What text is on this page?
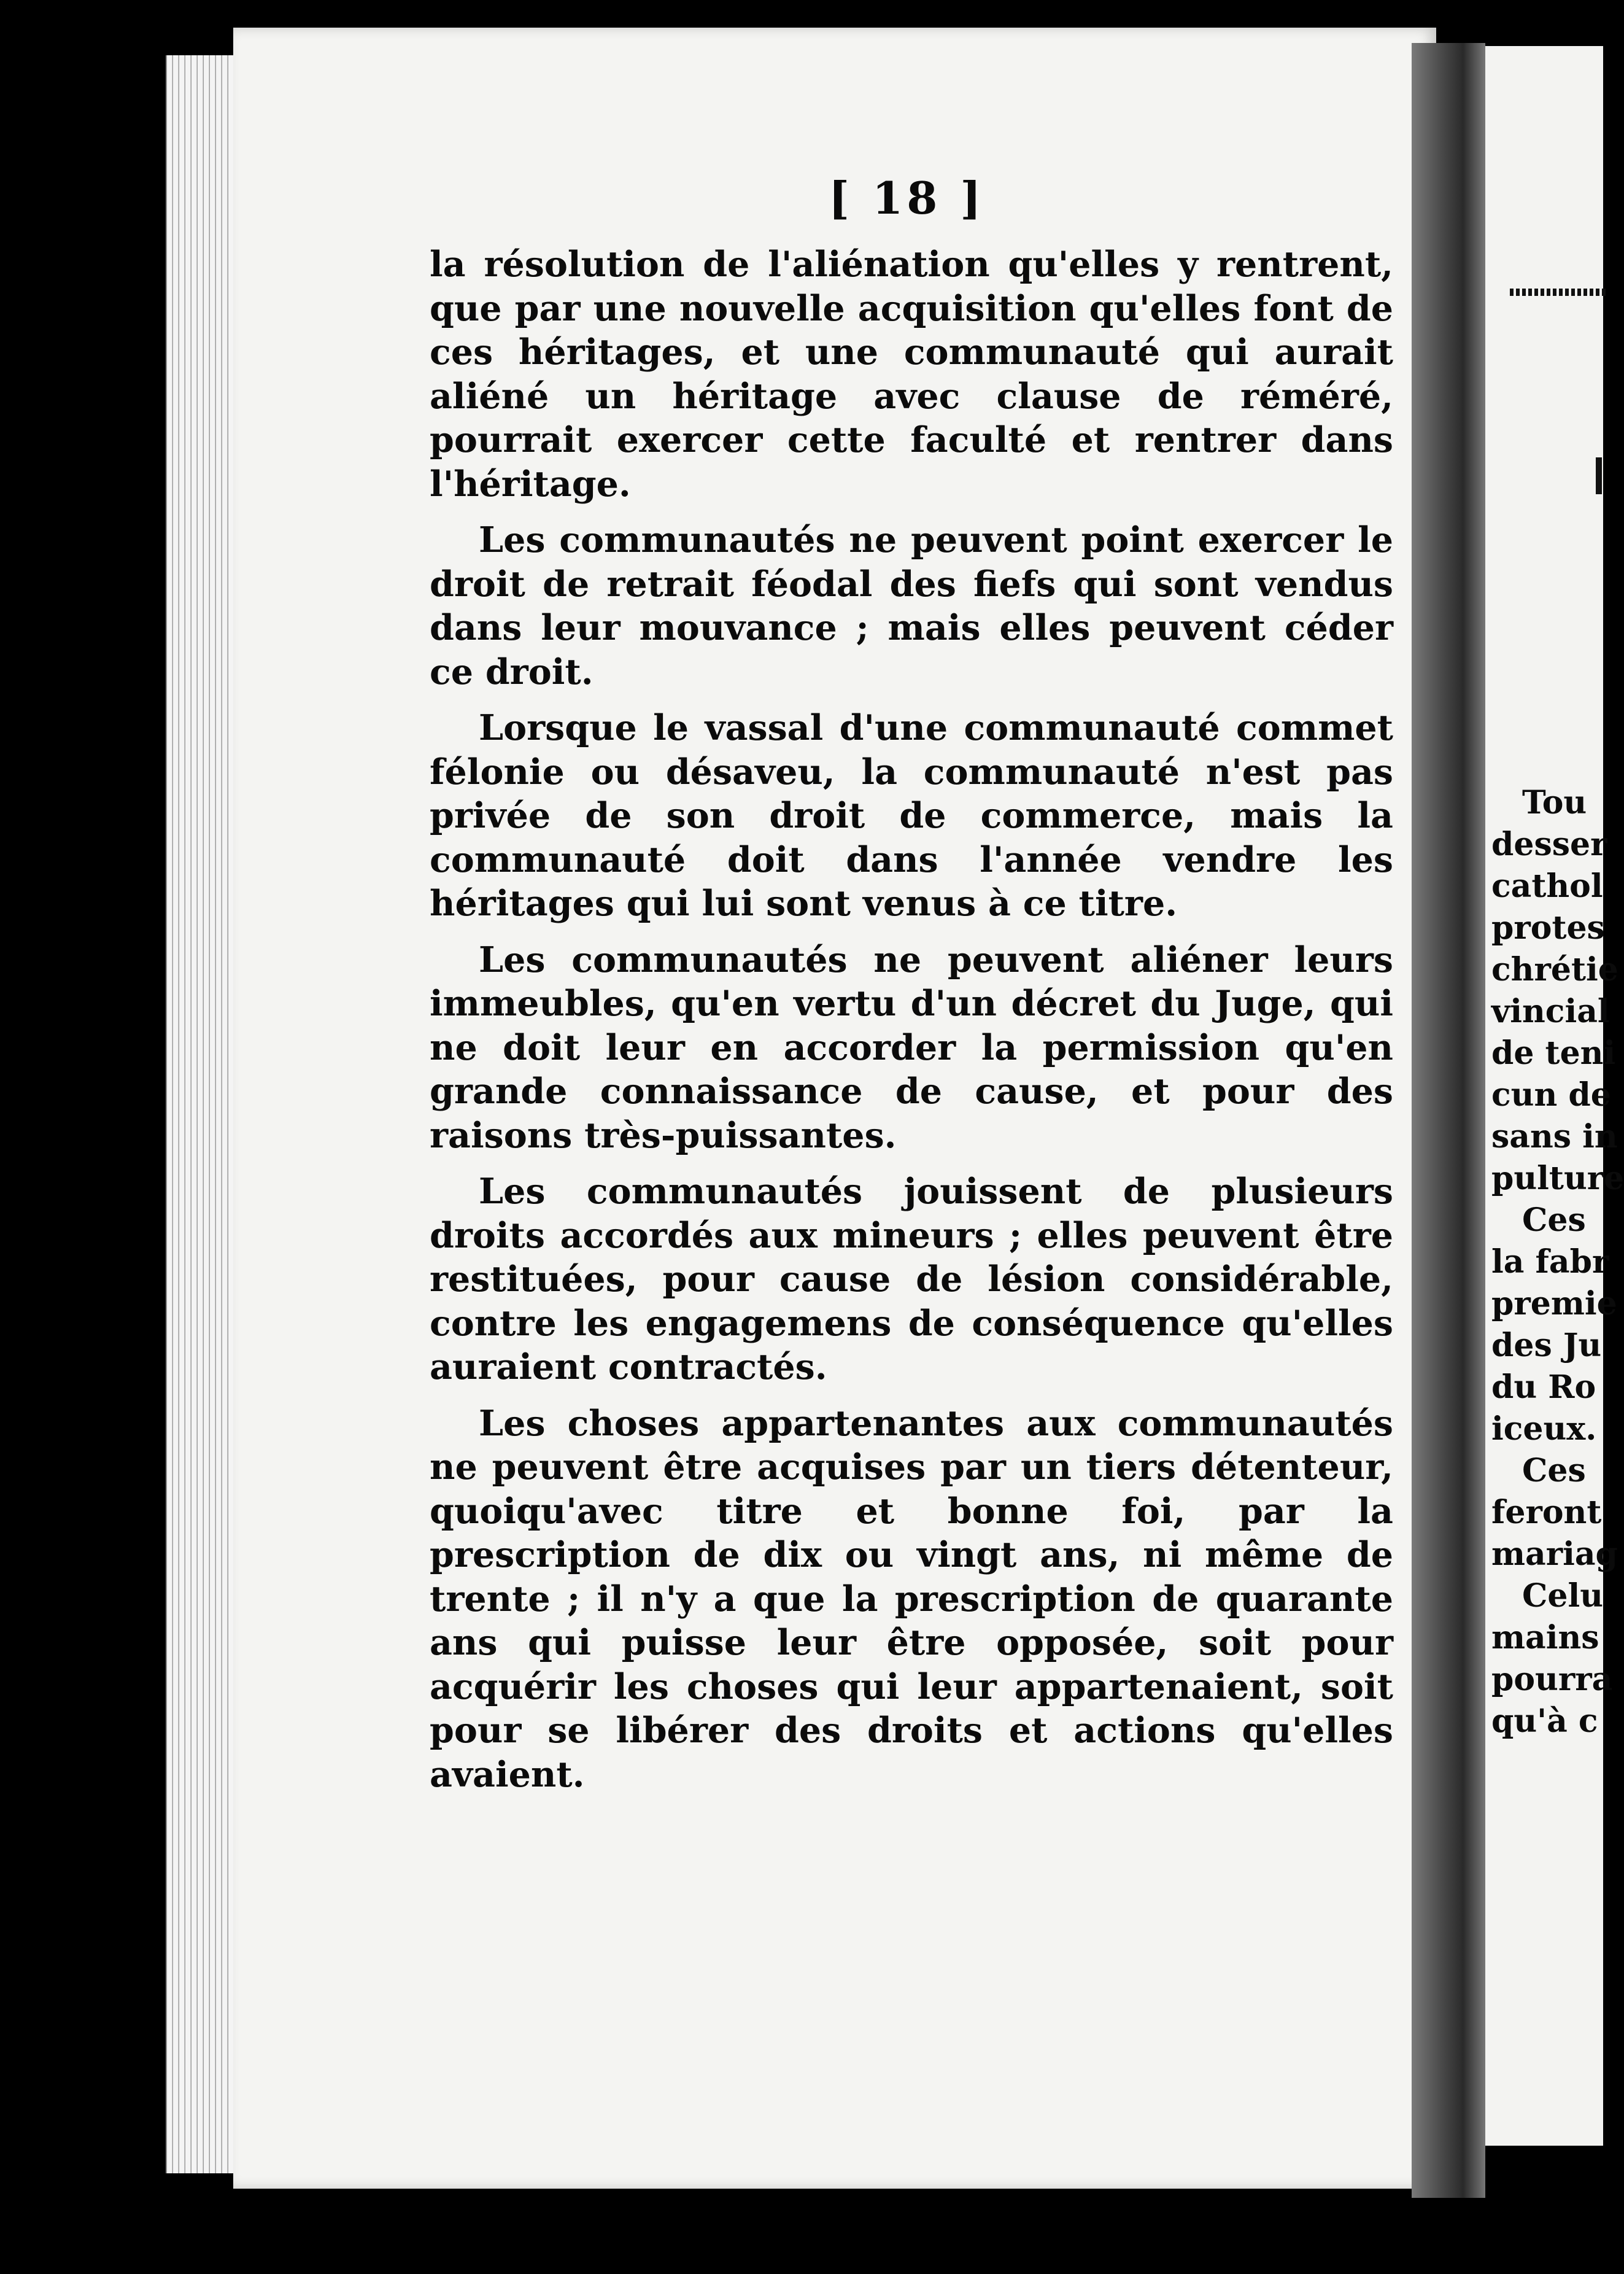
Tou
desser
cathol
protes
chrétie
vincial
de teni
cun de
sans in
pulture
Ces
la fabr
premie
des Ju
du Ro
iceux.
Ces
feront
mariag
Celu
mains
pourra
qu'à c
[ 18 ]

la résolution de l'aliénation qu'elles y rentrent, que par une nouvelle acquisition qu'elles font de ces héritages, et une communauté qui aurait aliéné un héritage avec clause de réméré, pourrait exercer cette faculté et rentrer dans l'héritage.

Les communautés ne peuvent point exercer le droit de retrait féodal des fiefs qui sont vendus dans leur mouvance ; mais elles peuvent céder ce droit.

Lorsque le vassal d'une communauté commet félonie ou désaveu, la communauté n'est pas privée de son droit de commerce, mais la communauté doit dans l'année vendre les héritages qui lui sont venus à ce titre.

Les communautés ne peuvent aliéner leurs immeubles, qu'en vertu d'un décret du Juge, qui ne doit leur en accorder la permission qu'en grande connaissance de cause, et pour des raisons très-puissantes.

Les communautés jouissent de plusieurs droits accordés aux mineurs ; elles peuvent être restituées, pour cause de lésion considérable, contre les engagemens de conséquence qu'elles auraient contractés.

Les choses appartenantes aux communautés ne peuvent être acquises par un tiers détenteur, quoiqu'avec titre et bonne foi, par la prescription de dix ou vingt ans, ni même de trente ; il n'y a que la prescription de quarante ans qui puisse leur être opposée, soit pour acquérir les choses qui leur appartenaient, soit pour se libérer des droits et actions qu'elles avaient.
